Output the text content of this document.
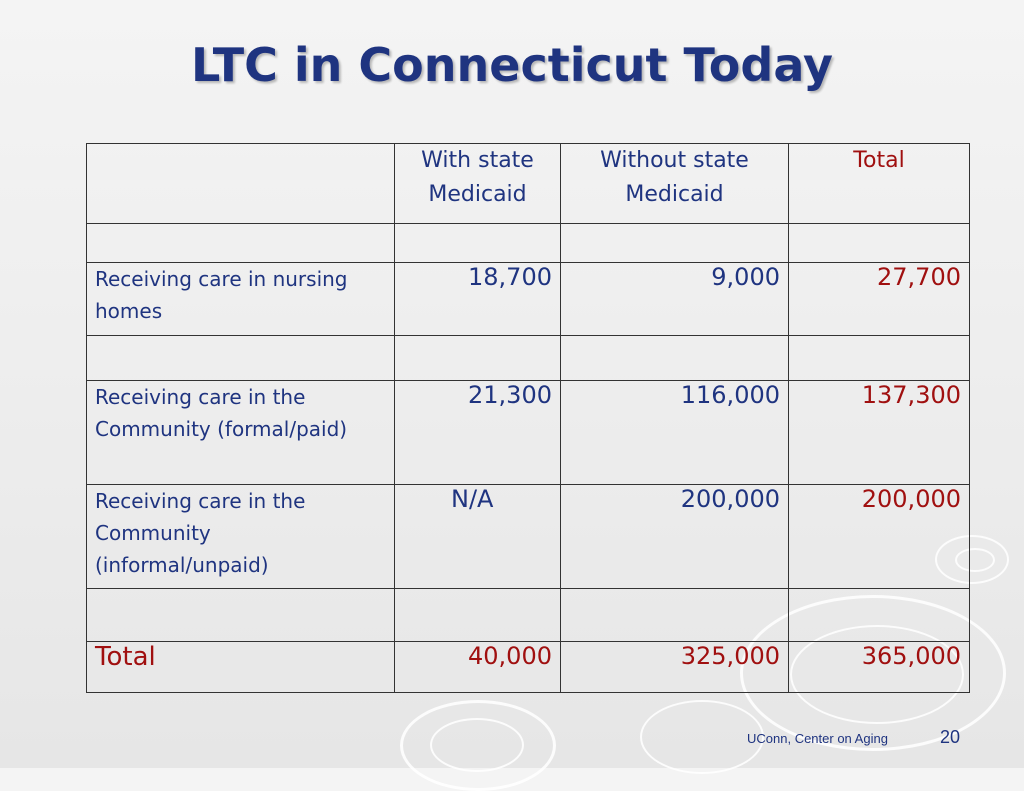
LTC in Connecticut Today
	With state Medicaid	Without state Medicaid	Total

Receiving care in nursing homes	18,700	9,000	27,700

Receiving care in the Community (formal/paid)	21,300	116,000	137,300
Receiving care in the Community (informal/unpaid)	N/A	200,000	200,000

Total	40,000	325,000	365,000
UConn, Center on Aging	20
